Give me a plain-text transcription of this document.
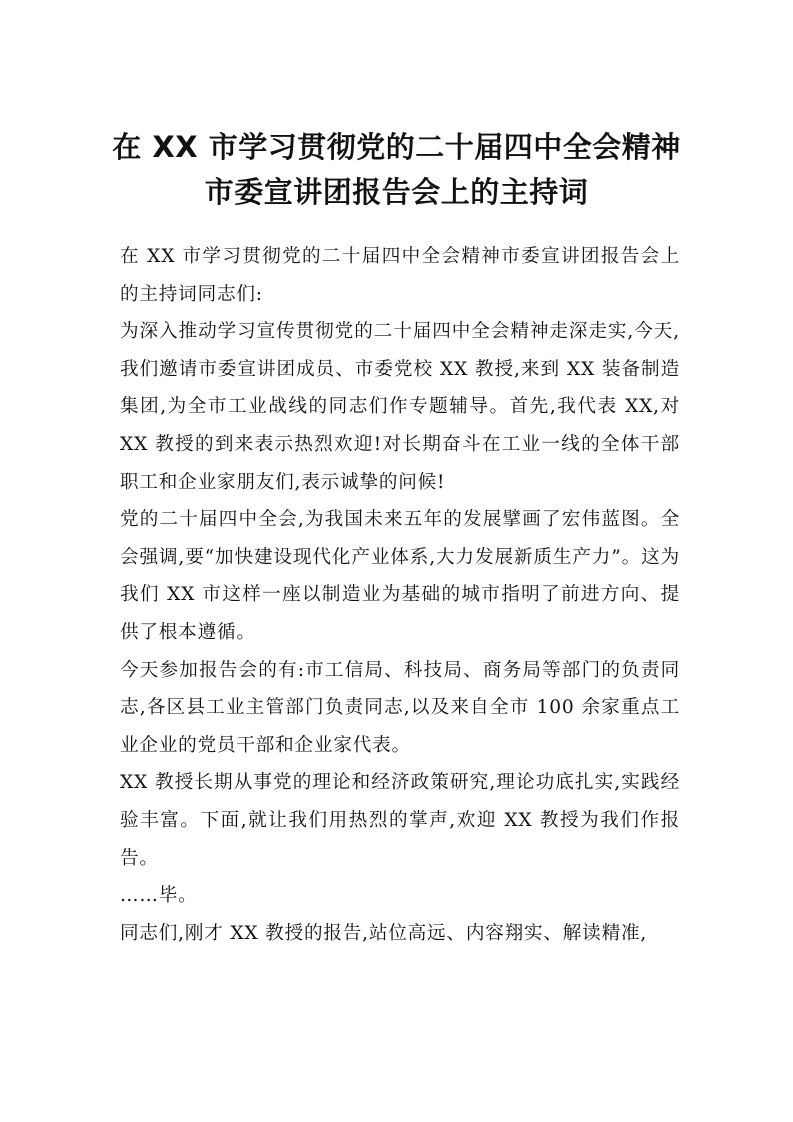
在 XX 市学习贯彻党的二十届四中全会精神
市委宣讲团报告会上的主持词

在 XX 市学习贯彻党的二十届四中全会精神市委宣讲团报告会上的主持词同志们:

为深入推动学习宣传贯彻党的二十届四中全会精神走深走实,今天,我们邀请市委宣讲团成员、市委党校 XX 教授,来到 XX 装备制造集团,为全市工业战线的同志们作专题辅导。首先,我代表 XX,对 XX 教授的到来表示热烈欢迎!对长期奋斗在工业一线的全体干部职工和企业家朋友们,表示诚挚的问候!

党的二十届四中全会,为我国未来五年的发展擘画了宏伟蓝图。全会强调,要“加快建设现代化产业体系,大力发展新质生产力”。这为我们 XX 市这样一座以制造业为基础的城市指明了前进方向、提供了根本遵循。

今天参加报告会的有:市工信局、科技局、商务局等部门的负责同志,各区县工业主管部门负责同志,以及来自全市 100 余家重点工业企业的党员干部和企业家代表。

XX 教授长期从事党的理论和经济政策研究,理论功底扎实,实践经验丰富。下面,就让我们用热烈的掌声,欢迎 XX 教授为我们作报告。

……毕。

同志们,刚才 XX 教授的报告,站位高远、内容翔实、解读精准,
